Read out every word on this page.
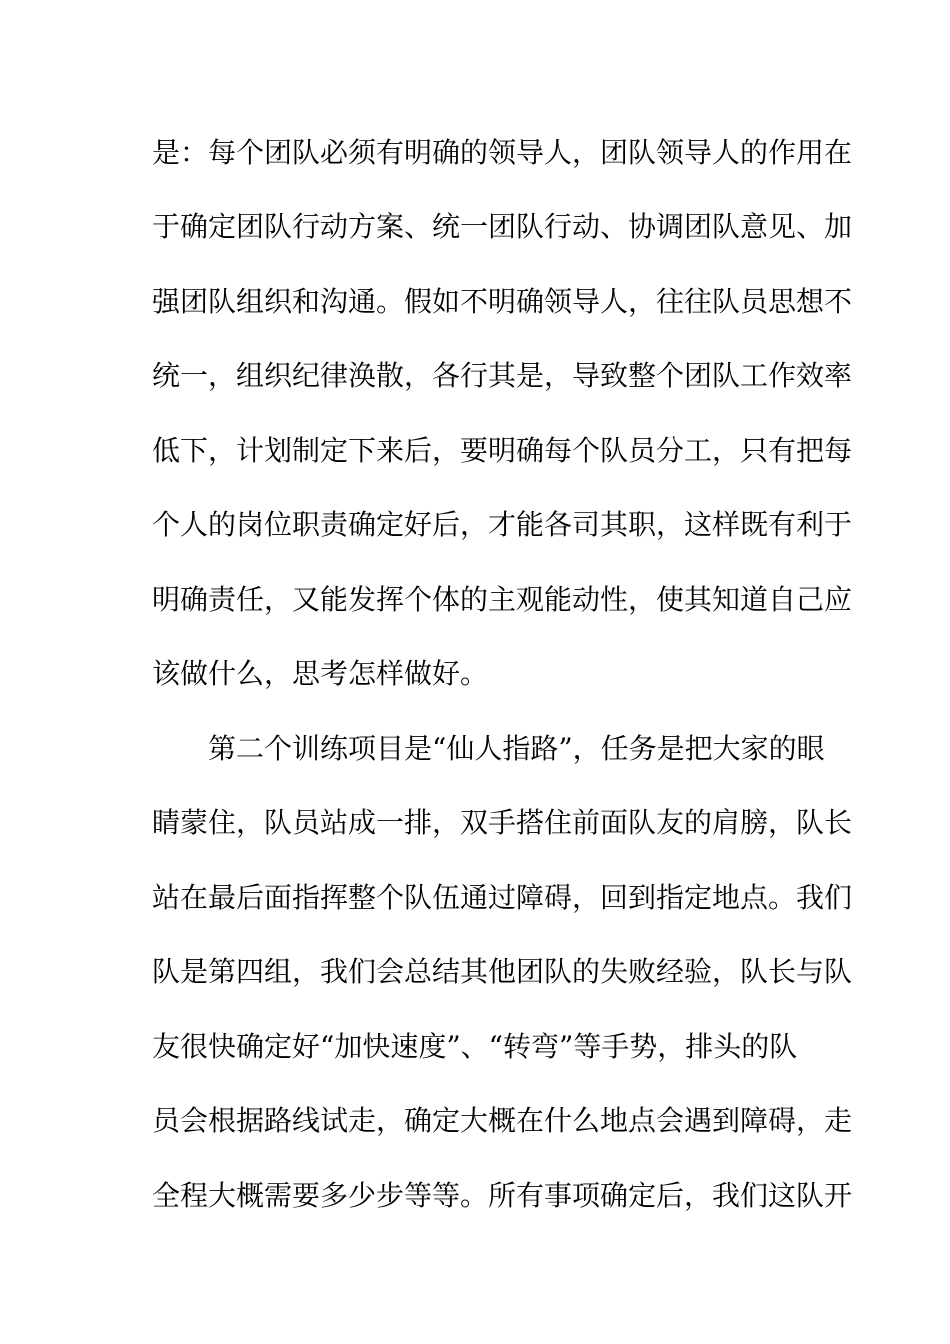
是：每个团队必须有明确的领导人，团队领导人的作用在
于确定团队行动方案、统一团队行动、协调团队意见、加
强团队组织和沟通。假如不明确领导人，往往队员思想不
统一，组织纪律涣散，各行其是，导致整个团队工作效率
低下，计划制定下来后，要明确每个队员分工，只有把每
个人的岗位职责确定好后，才能各司其职，这样既有利于
明确责任，又能发挥个体的主观能动性，使其知道自己应
该做什么，思考怎样做好。
第二个训练项目是“仙人指路”，任务是把大家的眼
睛蒙住，队员站成一排，双手搭住前面队友的肩膀，队长
站在最后面指挥整个队伍通过障碍，回到指定地点。我们
队是第四组，我们会总结其他团队的失败经验，队长与队
友很快确定好“加快速度”、“转弯”等手势，排头的队
员会根据路线试走，确定大概在什么地点会遇到障碍，走
全程大概需要多少步等等。所有事项确定后，我们这队开
